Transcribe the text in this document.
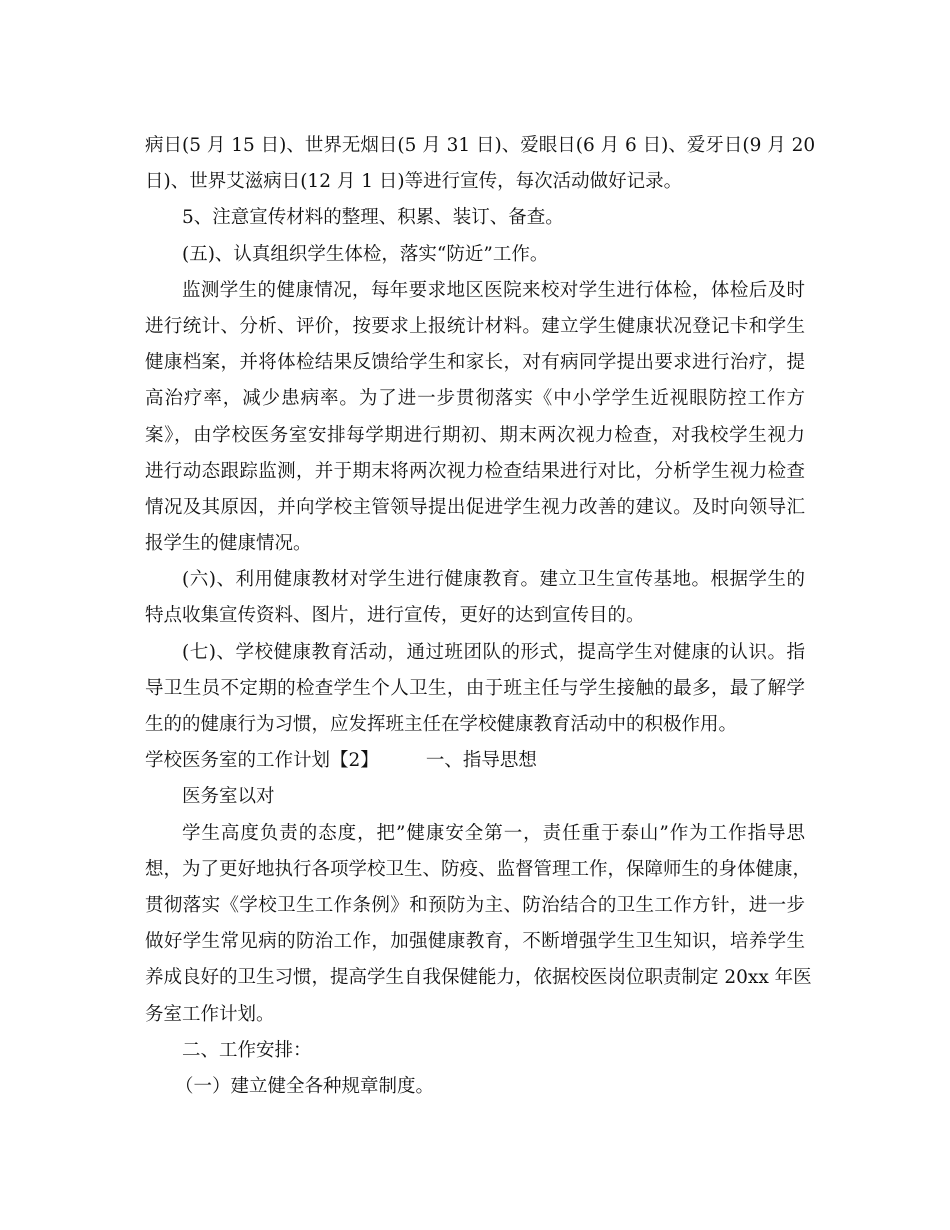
病日(5 月 15 日)、世界无烟日(5 月 31 日)、爱眼日(6 月 6 日)、爱牙日(9 月 20
日)、世界艾滋病日(12 月 1 日)等进行宣传，每次活动做好记录。
5、注意宣传材料的整理、积累、装订、备查。
(五)、认真组织学生体检，落实“防近”工作。
监测学生的健康情况，每年要求地区医院来校对学生进行体检，体检后及时
进行统计、分析、评价，按要求上报统计材料。建立学生健康状况登记卡和学生
健康档案，并将体检结果反馈给学生和家长，对有病同学提出要求进行治疗，提
高治疗率，减少患病率。为了进一步贯彻落实《中小学学生近视眼防控工作方
案》，由学校医务室安排每学期进行期初、期末两次视力检查，对我校学生视力
进行动态跟踪监测，并于期末将两次视力检查结果进行对比，分析学生视力检查
情况及其原因，并向学校主管领导提出促进学生视力改善的建议。及时向领导汇
报学生的健康情况。
(六)、利用健康教材对学生进行健康教育。建立卫生宣传基地。根据学生的
特点收集宣传资料、图片，进行宣传，更好的达到宣传目的。
(七)、学校健康教育活动，通过班团队的形式，提高学生对健康的认识。指
导卫生员不定期的检查学生个人卫生，由于班主任与学生接触的最多，最了解学
生的的健康行为习惯，应发挥班主任在学校健康教育活动中的积极作用。
学校医务室的工作计划【2】        一、指导思想
医务室以对
学生高度负责的态度，把”健康安全第一，责任重于泰山”作为工作指导思
想，为了更好地执行各项学校卫生、防疫、监督管理工作，保障师生的身体健康，
贯彻落实《学校卫生工作条例》和预防为主、防治结合的卫生工作方针，进一步
做好学生常见病的防治工作，加强健康教育，不断增强学生卫生知识，培养学生
养成良好的卫生习惯，提高学生自我保健能力，依据校医岗位职责制定 20xx 年医
务室工作计划。
二、工作安排：
（一）建立健全各种规章制度。
